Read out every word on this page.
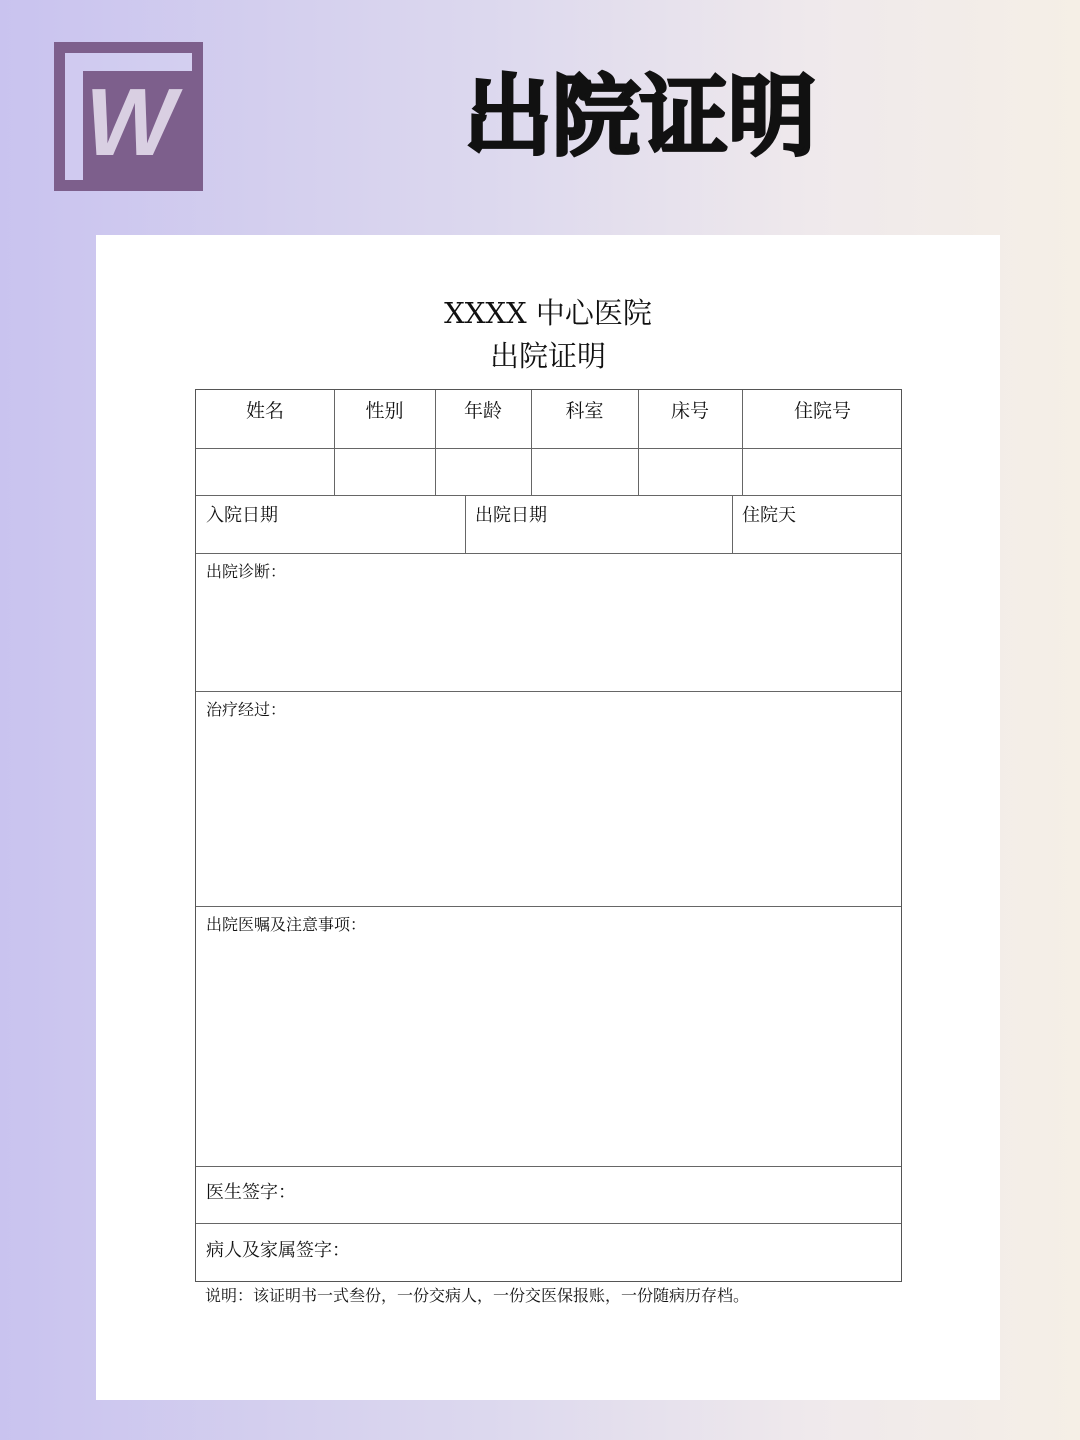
W	出院证明
XXXX 中心医院
出院证明
姓名	性别	年龄	科室	床号	住院号
入院日期	出院日期	住院天
出院诊断：
治疗经过：
出院医嘱及注意事项：
医生签字：
病人及家属签字：
说明：该证明书一式叁份，一份交病人，一份交医保报账，一份随病历存档。
